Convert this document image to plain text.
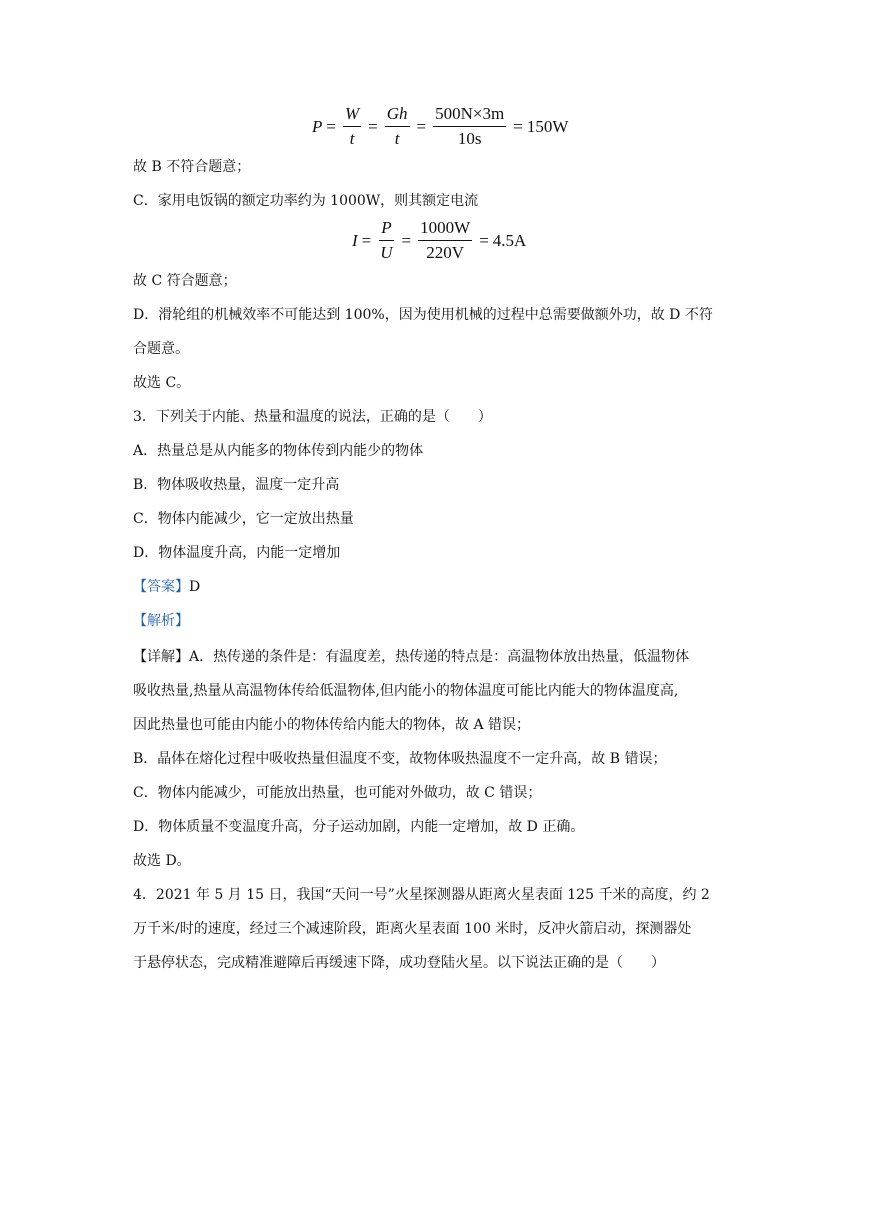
$P = \frac{W}{t} = \frac{Gh}{t} = \frac{500N\times 3m}{10s} = 150W$
故 B 不符合题意；
C．家用电饭锅的额定功率约为 1000W，则其额定电流
$I = \frac{P}{U} = \frac{1000W}{220V} = 4.5A$
故 C 符合题意；
D．滑轮组的机械效率不可能达到 100%，因为使用机械的过程中总需要做额外功，故 D 不符
合题意。
故选 C。
3．下列关于内能、热量和温度的说法，正确的是（　　）
A．热量总是从内能多的物体传到内能少的物体
B．物体吸收热量，温度一定升高
C．物体内能减少，它一定放出热量
D．物体温度升高，内能一定增加
【答案】D
【解析】
【详解】A．热传递的条件是：有温度差，热传递的特点是：高温物体放出热量，低温物体
吸收热量,热量从高温物体传给低温物体,但内能小的物体温度可能比内能大的物体温度高,
因此热量也可能由内能小的物体传给内能大的物体，故 A 错误；
B．晶体在熔化过程中吸收热量但温度不变，故物体吸热温度不一定升高，故 B 错误；
C．物体内能减少，可能放出热量，也可能对外做功，故 C 错误；
D．物体质量不变温度升高，分子运动加剧，内能一定增加，故 D 正确。
故选 D。
4．2021 年 5 月 15 日，我国“天问一号”火星探测器从距离火星表面 125 千米的高度，约 2
万千米/时的速度，经过三个减速阶段，距离火星表面 100 米时，反冲火箭启动，探测器处
于悬停状态，完成精准避障后再缓速下降，成功登陆火星。以下说法正确的是（　　）
